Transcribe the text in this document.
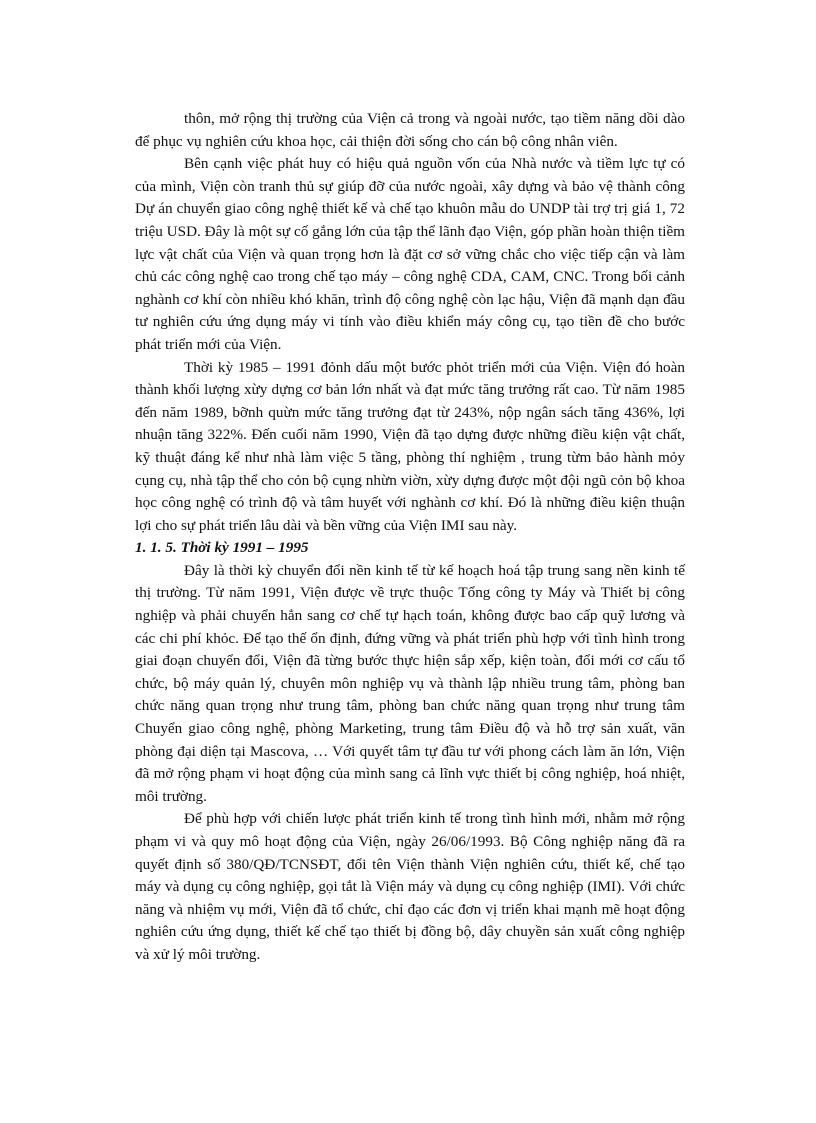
thôn, mở rộng thị trường của Viện cả trong và ngoài nước, tạo tiềm năng dồi dào để phục vụ nghiên cứu khoa học, cải thiện đời sống cho cán bộ công nhân viên.

Bên cạnh việc phát huy có hiệu quả nguồn vốn của Nhà nước và tiềm lực tự có của mình, Viện còn tranh thủ sự giúp đỡ của nước ngoài, xây dựng và bảo vệ thành công Dự án chuyển giao công nghệ thiết kế và chế tạo khuôn mẫu do UNDP tài trợ trị giá 1, 72 triệu USD. Đây là một sự cố gắng lớn của tập thể lãnh đạo Viện, góp phần hoàn thiện tiềm lực vật chất của Viện và quan trọng hơn là đặt cơ sở vững chắc cho việc tiếp cận và làm chủ các công nghệ cao trong chế tạo máy – công nghệ CDA, CAM, CNC. Trong bối cảnh nghành cơ khí còn nhiều khó khăn, trình độ công nghệ còn lạc hậu, Viện đã mạnh dạn đầu tư nghiên cứu ứng dụng máy vi tính vào điều khiển máy công cụ, tạo tiền đề cho bước phát triển mới của Viện.

Thời kỳ 1985 – 1991 đỏnh dấu một bước phỏt triển mới của Viện. Viện đó hoàn thành khối lượng xừy dựng cơ bản lớn nhất và đạt mức tăng trưởng rất cao. Từ năm 1985 đến năm 1989, bỡnh quừn mức tăng trưởng đạt từ 243%, nộp ngân sách tăng 436%, lợi nhuận tăng 322%. Đến cuối năm 1990, Viện đã tạo dựng được những điều kiện vật chất, kỹ thuật đáng kể như nhà làm việc 5 tầng, phòng thí nghiệm , trung từm bảo hành mỏy cụng cụ, nhà tập thể cho cỏn bộ cụng nhừn viờn, xừy dựng được một đội ngũ cỏn bộ khoa học công nghệ có trình độ và tâm huyết với nghành cơ khí. Đó là những điều kiện thuận lợi cho sự phát triển lâu dài và bền vững của Viện IMI sau này.

1. 1. 5. Thời kỳ 1991 – 1995

Đây là thời kỳ chuyển đổi nền kinh tế từ kế hoạch hoá tập trung sang nền kinh tế thị trường. Từ năm 1991, Viện được về trực thuộc Tổng công ty Máy và Thiết bị công nghiệp và phải chuyển hẳn sang cơ chế tự hạch toán, không được bao cấp quỹ lương và các chi phí khỏc. Để tạo thế ổn định, đứng vững và phát triển phù hợp với tình hình trong giai đoạn chuyển đổi, Viện đã từng bước thực hiện sắp xếp, kiện toàn, đổi mới cơ cấu tổ chức, bộ máy quản lý, chuyên môn nghiệp vụ và thành lập nhiều trung tâm, phòng ban chức năng quan trọng như trung tâm, phòng ban chức năng quan trọng như trung tâm Chuyển giao công nghệ, phòng Marketing, trung tâm Điều độ và hỗ trợ sản xuất, văn phòng đại diện tại Mascova, … Với quyết tâm tự đầu tư với phong cách làm ăn lớn, Viện đã mở rộng phạm vi hoạt động của mình sang cả lĩnh vực thiết bị công nghiệp, hoá nhiệt, môi trường.

Để phù hợp với chiến lược phát triển kinh tế trong tình hình mới, nhằm mở rộng phạm vi và quy mô hoạt động của Viện, ngày 26/06/1993. Bộ Công nghiệp năng đã ra quyết định số 380/QĐ/TCNSĐT, đổi tên Viện thành Viện nghiên cứu, thiết kế, chế tạo máy và dụng cụ công nghiệp, gọi tắt là Viện máy và dụng cụ công nghiệp (IMI). Với chức năng và nhiệm vụ mới, Viện đã tổ chức, chỉ đạo các đơn vị triển khai mạnh mẽ hoạt động nghiên cứu ứng dụng, thiết kế chế tạo thiết bị đồng bộ, dây chuyền sản xuất công nghiệp và xử lý môi trường.
